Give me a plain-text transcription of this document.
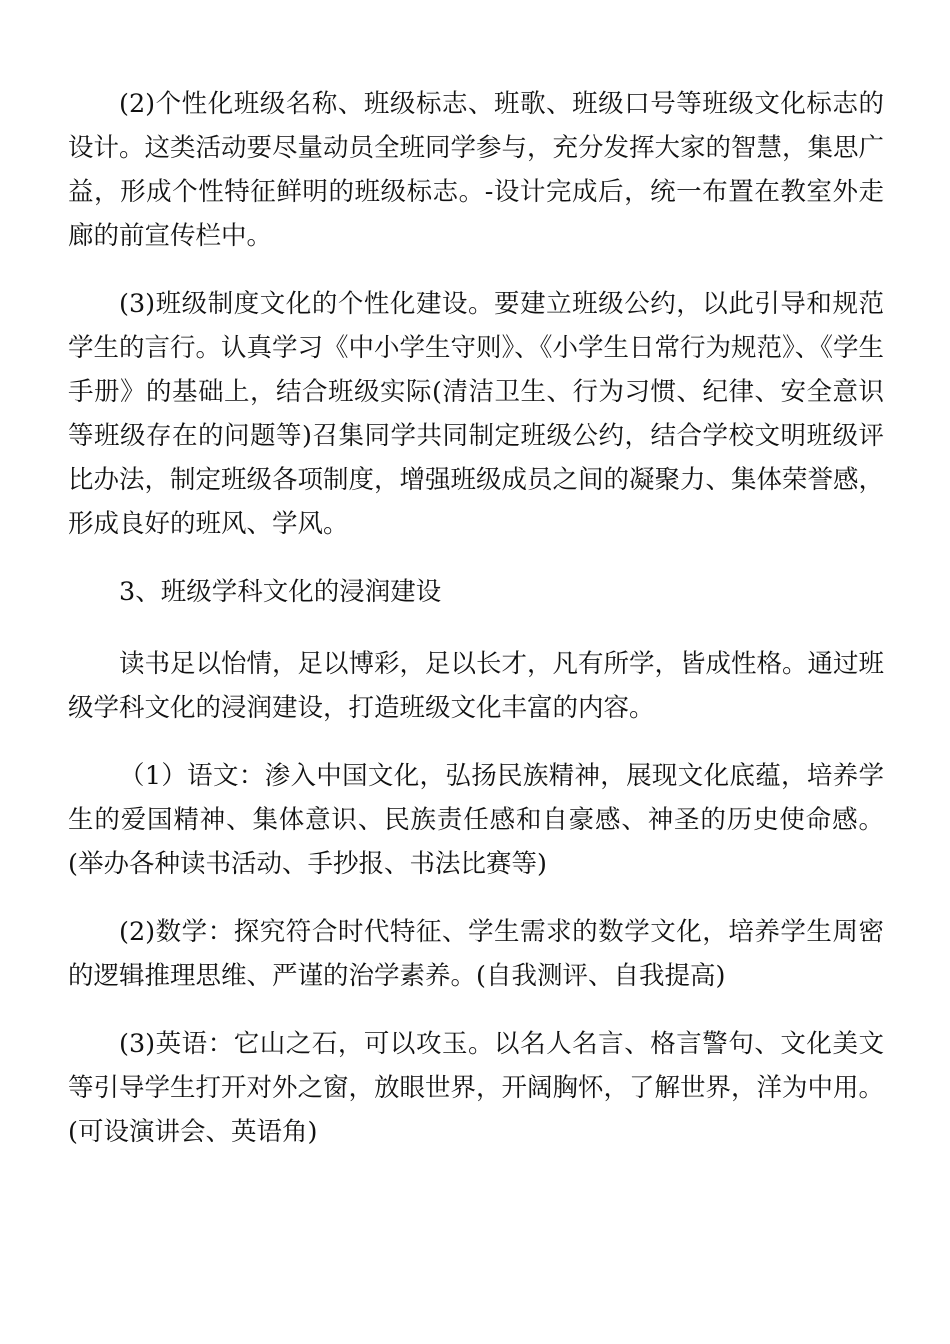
(2)个性化班级名称、班级标志、班歌、班级口号等班级文化标志的设计。这类活动要尽量动员全班同学参与，充分发挥大家的智慧，集思广益，形成个性特征鲜明的班级标志。-设计完成后，统一布置在教室外走廊的前宣传栏中。

(3)班级制度文化的个性化建设。要建立班级公约，以此引导和规范学生的言行。认真学习《中小学生守则》、《小学生日常行为规范》、《学生手册》的基础上，结合班级实际(清洁卫生、行为习惯、纪律、安全意识等班级存在的问题等)召集同学共同制定班级公约，结合学校文明班级评比办法，制定班级各项制度，增强班级成员之间的凝聚力、集体荣誉感，形成良好的班风、学风。

3、班级学科文化的浸润建设

读书足以怡情，足以博彩，足以长才，凡有所学，皆成性格。通过班级学科文化的浸润建设，打造班级文化丰富的内容。

（1）语文：渗入中国文化，弘扬民族精神，展现文化底蕴，培养学生的爱国精神、集体意识、民族责任感和自豪感、神圣的历史使命感。(举办各种读书活动、手抄报、书法比赛等)

(2)数学：探究符合时代特征、学生需求的数学文化，培养学生周密的逻辑推理思维、严谨的治学素养。(自我测评、自我提高)

(3)英语：它山之石，可以攻玉。以名人名言、格言警句、文化美文等引导学生打开对外之窗，放眼世界，开阔胸怀，了解世界，洋为中用。(可设演讲会、英语角)
